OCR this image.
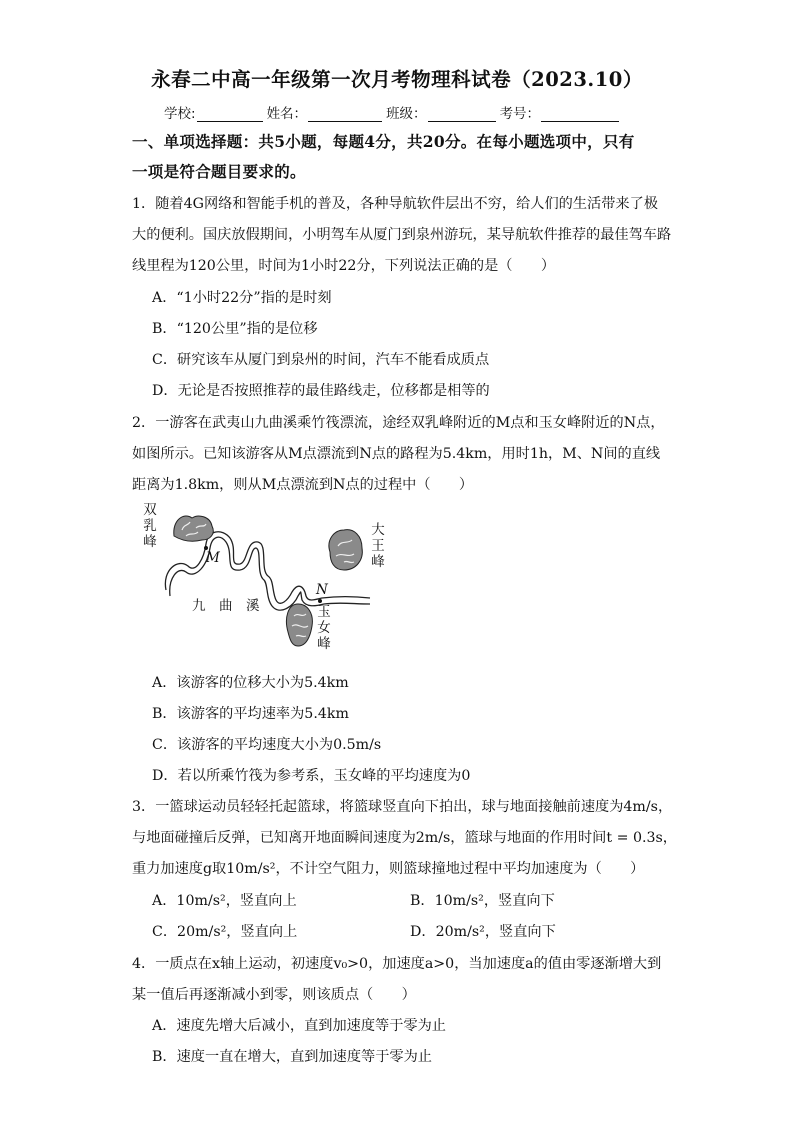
永春二中高一年级第一次月考物理科试卷（2023.10）
学校:	姓名：	班级：	考号：
一、单项选择题：共5小题，每题4分，共20分。在每小题选项中，只有
一项是符合题目要求的。
1．随着4G网络和智能手机的普及，各种导航软件层出不穷，给人们的生活带来了极
大的便利。国庆放假期间，小明驾车从厦门到泉州游玩，某导航软件推荐的最佳驾车路
线里程为120公里，时间为1小时22分，下列说法正确的是（　　）
A．“1小时22分”指的是时刻
B．“120公里”指的是位移
C．研究该车从厦门到泉州的时间，汽车不能看成质点
D．无论是否按照推荐的最佳路线走，位移都是相等的
2．一游客在武夷山九曲溪乘竹筏漂流，途经双乳峰附近的M点和玉女峰附近的N点，
如图所示。已知该游客从M点漂流到N点的路程为5.4km，用时1h，M、N间的直线
距离为1.8km，则从M点漂流到N点的过程中（　　）
双
乳
峰
大
王
峰
玉
女
峰
九　曲　溪
M
N
A．该游客的位移大小为5.4km
B．该游客的平均速率为5.4km
C．该游客的平均速度大小为0.5m/s
D．若以所乘竹筏为参考系，玉女峰的平均速度为0
3．一篮球运动员轻轻托起篮球，将篮球竖直向下拍出，球与地面接触前速度为4m/s，
与地面碰撞后反弹，已知离开地面瞬间速度为2m/s，篮球与地面的作用时间t = 0.3s，
重力加速度g取10m/s²，不计空气阻力，则篮球撞地过程中平均加速度为（　　）
A．10m/s²，竖直向上	B．10m/s²，竖直向下
C．20m/s²，竖直向上	D．20m/s²，竖直向下
4．一质点在x轴上运动，初速度v₀>0，加速度a>0，当加速度a的值由零逐渐增大到
某一值后再逐渐减小到零，则该质点（　　）
A．速度先增大后减小，直到加速度等于零为止
B．速度一直在增大，直到加速度等于零为止
